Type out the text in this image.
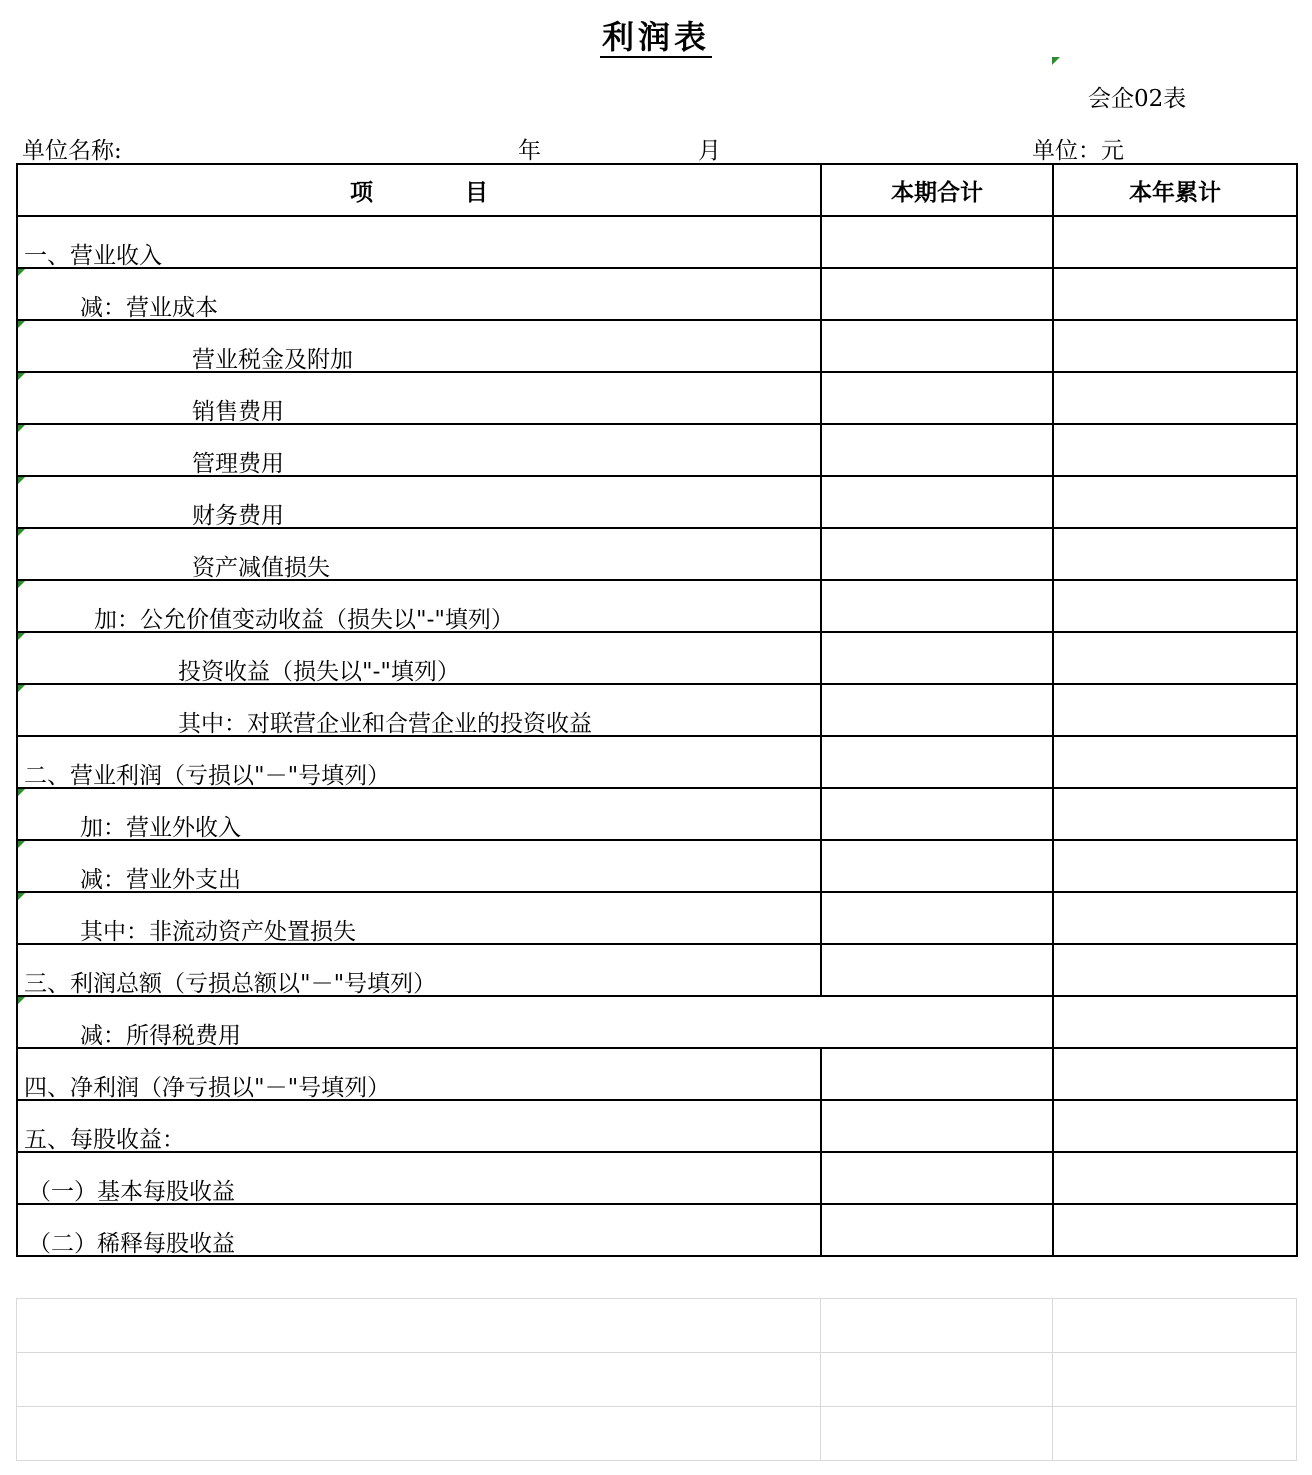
利润表
会企02表
单位名称:	年	月	单位：元
项　　　　目	本期合计	本年累计

一、营业收入		

减：营业成本		

营业税金及附加		

销售费用		

管理费用		

财务费用		

资产减值损失		

加：公允价值变动收益（损失以"-"填列）		

投资收益（损失以"-"填列）		

其中：对联营企业和合营企业的投资收益		

二、营业利润（亏损以"－"号填列）		

加：营业外收入		

减：营业外支出		

其中：非流动资产处置损失		

三、利润总额（亏损总额以"－"号填列）		

减：所得税费用		

四、净利润（净亏损以"－"号填列）		

五、每股收益：		

（一）基本每股收益		

（二）稀释每股收益		
